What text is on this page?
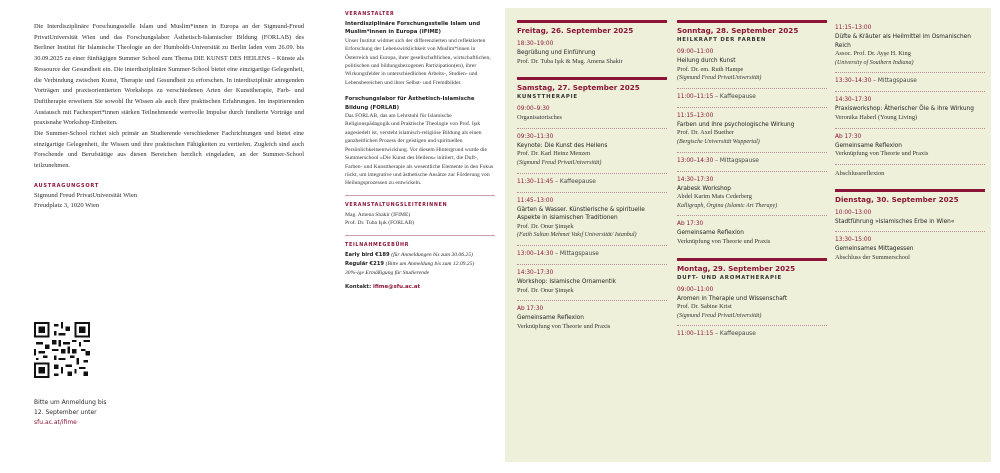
Die Interdisziplinäre Forschungsstelle Islam und Muslim*innen in Europa an der Sigmund-Freud PrivatUniversität Wien und das Forschungslabor Ästhetisch-Islamischer Bildung (FORLAB) des Berliner Institut für Islamische Theologie an der Humboldt-Universität zu Berlin laden vom 26.09. bis 30.09.2025 zu einer fünftägigen Summer School zum Thema DIE KUNST DES HEILENS – Künste als Ressource der Gesundheit ein. Die interdisziplinäre Summer-School bietet eine einzigartige Gelegenheit, die Verbindung zwischen Kunst, Therapie und Gesundheit zu erforschen. In interdisziplinär anregenden Vorträgen und praxisorientierten Workshops zu verschiedenen Arten der Kunsttherapie, Farb- und Dufttherapie erweitern Sie sowohl Ihr Wissen als auch Ihre praktischen Erfahrungen. Im inspirierenden Austausch mit Fachexpert*innen stärken Teilnehmende wertvolle Impulse durch fundierte Vorträge und praxisnahe Workshop-Einheiten.

Die Summer-School richtet sich primär an Studierende verschiedener Fachrichtungen und bietet eine einzigartige Gelegenheit, ihr Wissen und ihre praktischen Fähigkeiten zu vertiefen. Zugleich sind auch Forschende und Berufstätige aus diesen Bereichen herzlich eingeladen, an der Summer-School teilzunehmen.

AUSTRAGUNGSORT
Sigmund Freud PrivatUniversität Wien
Freudplatz 3, 1020 Wien
Bitte um Anmeldung bis
12. September unter
sfu.ac.at/ifime
VERANSTALTER
Interdisziplinäre Forschungsstelle Islam und Muslim*innen in Europa (IFIME)
Unser Institut widmet sich der differenzierten und reflektierten Erforschung der Lebenswirklichkeit von Muslim*innen in Österreich und Europa, ihrer gesellschaftlichen, wirtschaftlichen, politischen und bildungsbezogenen Partizipation(en), ihrer Wirkungsfelder in unterschiedlichen Arbeits-, Studien- und Lebensbereichen und ihrer Selbst- und Fremdbilder.
Forschungslabor für Ästhetisch-Islamische Bildung (FORLAB)
Das FORLAB, das am Lehrstuhl für Islamische Religionspädagogik und Praktische Theologie von Prof. Işık angesiedelt ist, versteht islamisch-religiöse Bildung als einen ganzheitlichen Prozess der geistigen und spirituellen Persönlichkeitsentwicklung. Vor diesem Hintergrund wurde die Summerschool »Die Kunst des Heilens« initiiert, die Duft-, Farben- und Kunsttherapie als wesentliche Elemente in den Fokus rückt, um integrative und ästhetische Ansätze zur Förderung von Heilungsprozessen zu entwickeln.
VERANSTALTUNGSLEITERINNEN
Mag. Amena Shakir (IFIME)
Prof. Dr. Tuba Işık (FORLAB)
TEILNAHMEGEBÜHR
Early bird €189 (für Anmeldungen bis zum 30.06.25)
Regulär €219 (Bitte um Anmeldung bis zum 12.09.25)
30%-ige Ermäßigung für Studierende
Kontakt: ifime@sfu.ac.at
Freitag, 26. September 2025
18:30–19:00
Begrüßung und Einführung
Prof. Dr. Tuba Işık & Mag. Amena Shakir
Samstag, 27. September 2025
KUNSTTHERAPIE
09:00–9:30
Organisatorisches
09:30–11:30
Keynote: Die Kunst des Heilens
Prof. Dr. Karl Heinz Menzen
(Sigmund Freud PrivatUniversität)
11:30–11:45 – Kaffeepause
11:45–13:00
Gärten & Wasser. Künstlerische & spirituelle Aspekte in islamischen Traditionen
Prof. Dr. Onur Şimşek
(Fatih Sultan Mehmet Vakıf Universität/ Istanbul)
13:00–14:30 – Mittagspause
14:30–17:30
Workshop: Islamische Ornamentik
Prof. Dr. Onur Şimşek
Ab 17:30
Gemeinsame Reflexion
Verknüpfung von Theorie und Praxis
Sonntag, 28. September 2025
HEILKRAFT DER FARBEN
09:00–11:00
Heilung durch Kunst
Prof. Dr. em. Ruth Hampe
(Sigmund Freud PrivatUniversität)
11:00–11:15 – Kaffeepause
11:15–13:00
Farben und ihre psychologische Wirkung
Prof. Dr. Axel Buether
(Bergische Universität Wuppertal)
13:00–14:30 – Mittagspause
14:30–17:30
Arabesk Workshop
Abdel Karim Mats Cederberg
Kalligraph, Örgina (Islamic Art Therapy)
Ab 17:30
Gemeinsame Reflexion
Verknüpfung von Theorie und Praxis
Montag, 29. September 2025
DUFT- UND AROMATHERAPIE
09:00–11:00
Aromen in Therapie und Wissenschaft
Prof. Dr. Sabine Krist
(Sigmund Freud PrivatUniversität)
11:00–11:15 – Kaffeepause
11:15–13:00
Düfte & Kräuter als Heilmittel im Osmanischen Reich
Assoc. Prof. Dr. Ayşe H. King
(University of Southern Indiana)
13:30–14:30 – Mittagspause
14:30–17:30
Praxisworkshop: Ätherischer Öle & ihre Wirkung
Veronika Haberl (Young Living)
Ab 17:30
Gemeinsame Reflexion
Verknüpfung von Theorie und Praxis
Abschlussreflexion
Dienstag, 30. September 2025
10:00–13:00
Stadtführung »Islamisches Erbe in Wien«
13:30–15:00
Gemeinsames Mittagessen
Abschluss der Summerschool
